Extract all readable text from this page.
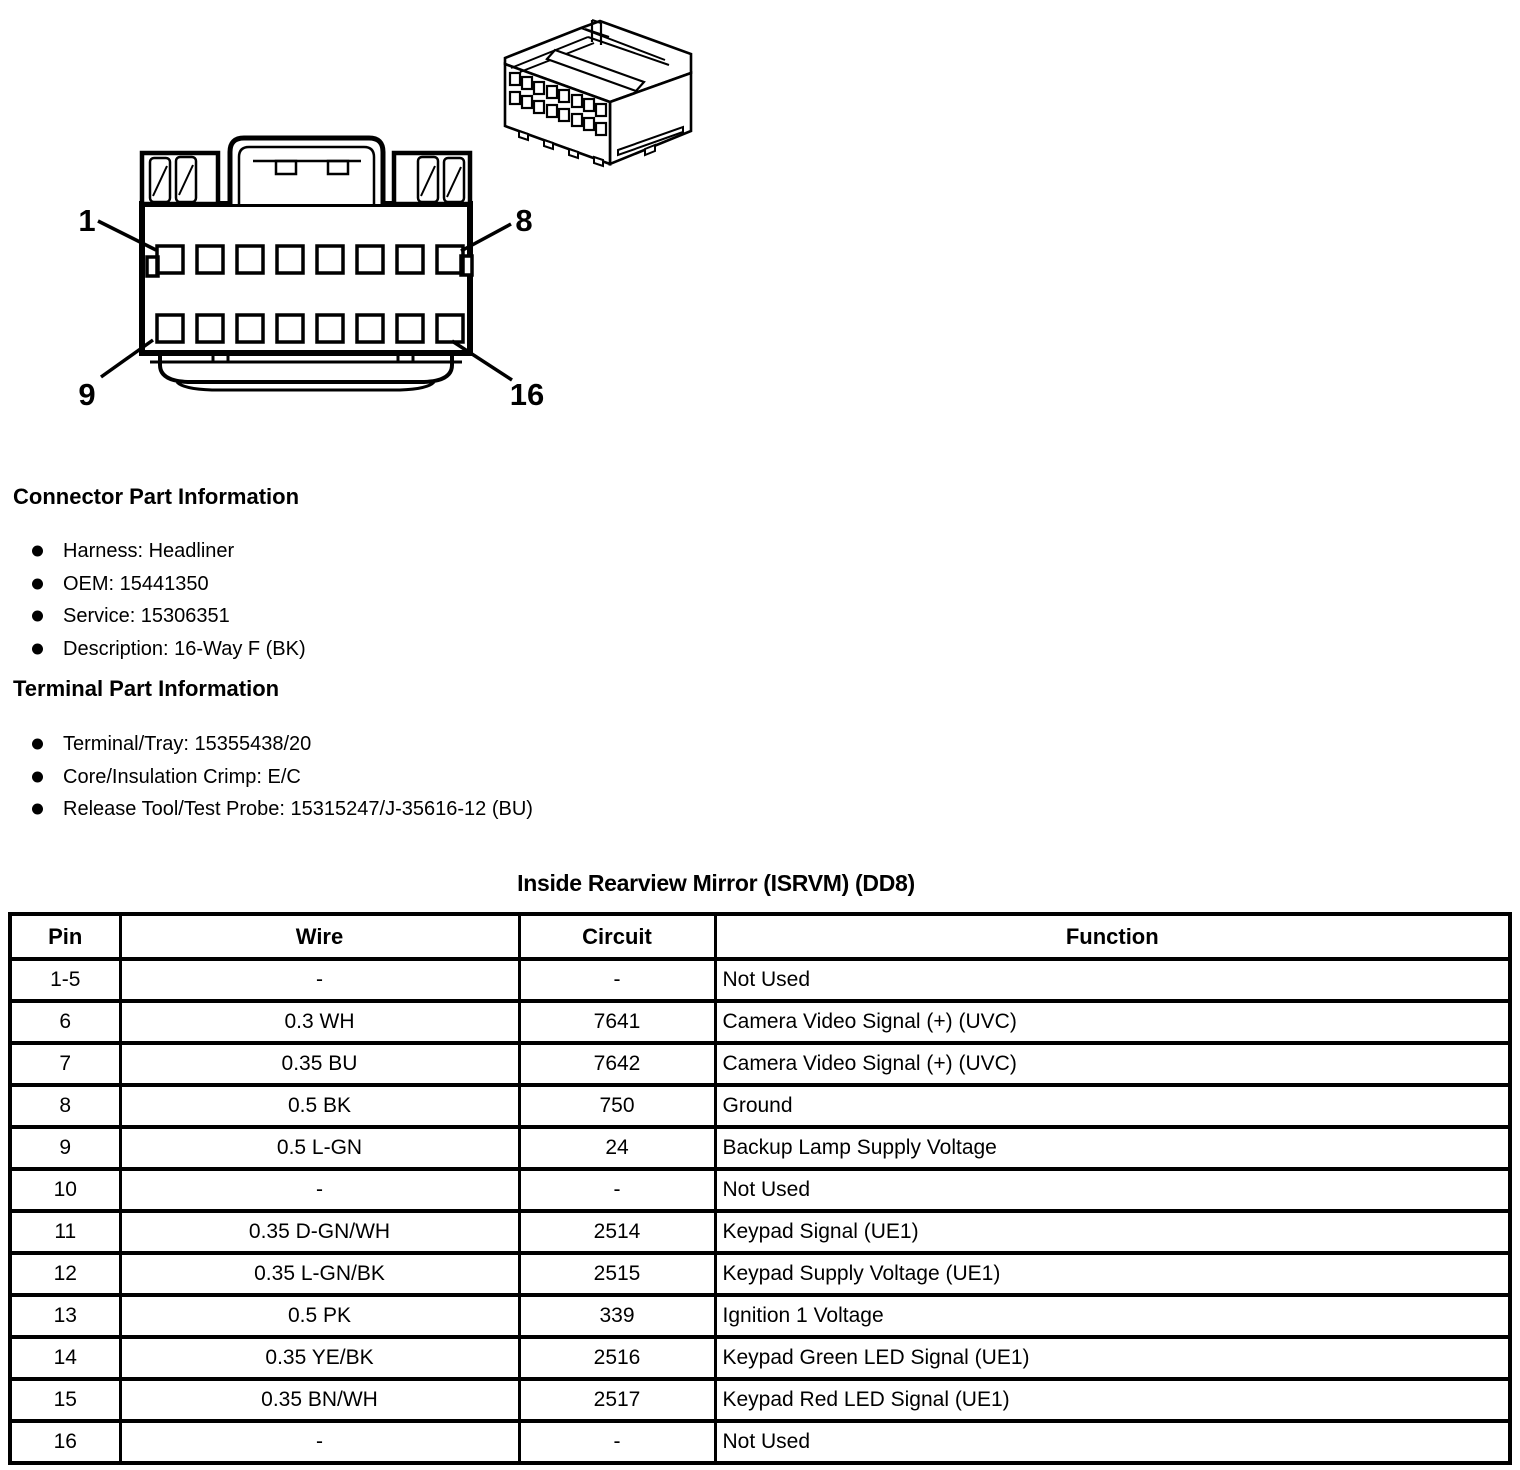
1	8
9	16
Connector Part Information
Harness: Headliner
OEM: 15441350
Service: 15306351
Description: 16-Way F (BK)
Terminal Part Information
Terminal/Tray: 15355438/20
Core/Insulation Crimp: E/C
Release Tool/Test Probe: 15315247/J-35616-12 (BU)
Inside Rearview Mirror (ISRVM) (DD8)
Pin	Wire	Circuit	Function
1-5	-	-	Not Used
6	0.3 WH	7641	Camera Video Signal (+) (UVC)
7	0.35 BU	7642	Camera Video Signal (+) (UVC)
8	0.5 BK	750	Ground
9	0.5 L-GN	24	Backup Lamp Supply Voltage
10	-	-	Not Used
11	0.35 D-GN/WH	2514	Keypad Signal (UE1)
12	0.35 L-GN/BK	2515	Keypad Supply Voltage (UE1)
13	0.5 PK	339	Ignition 1 Voltage
14	0.35 YE/BK	2516	Keypad Green LED Signal (UE1)
15	0.35 BN/WH	2517	Keypad Red LED Signal (UE1)
16	-	-	Not Used
